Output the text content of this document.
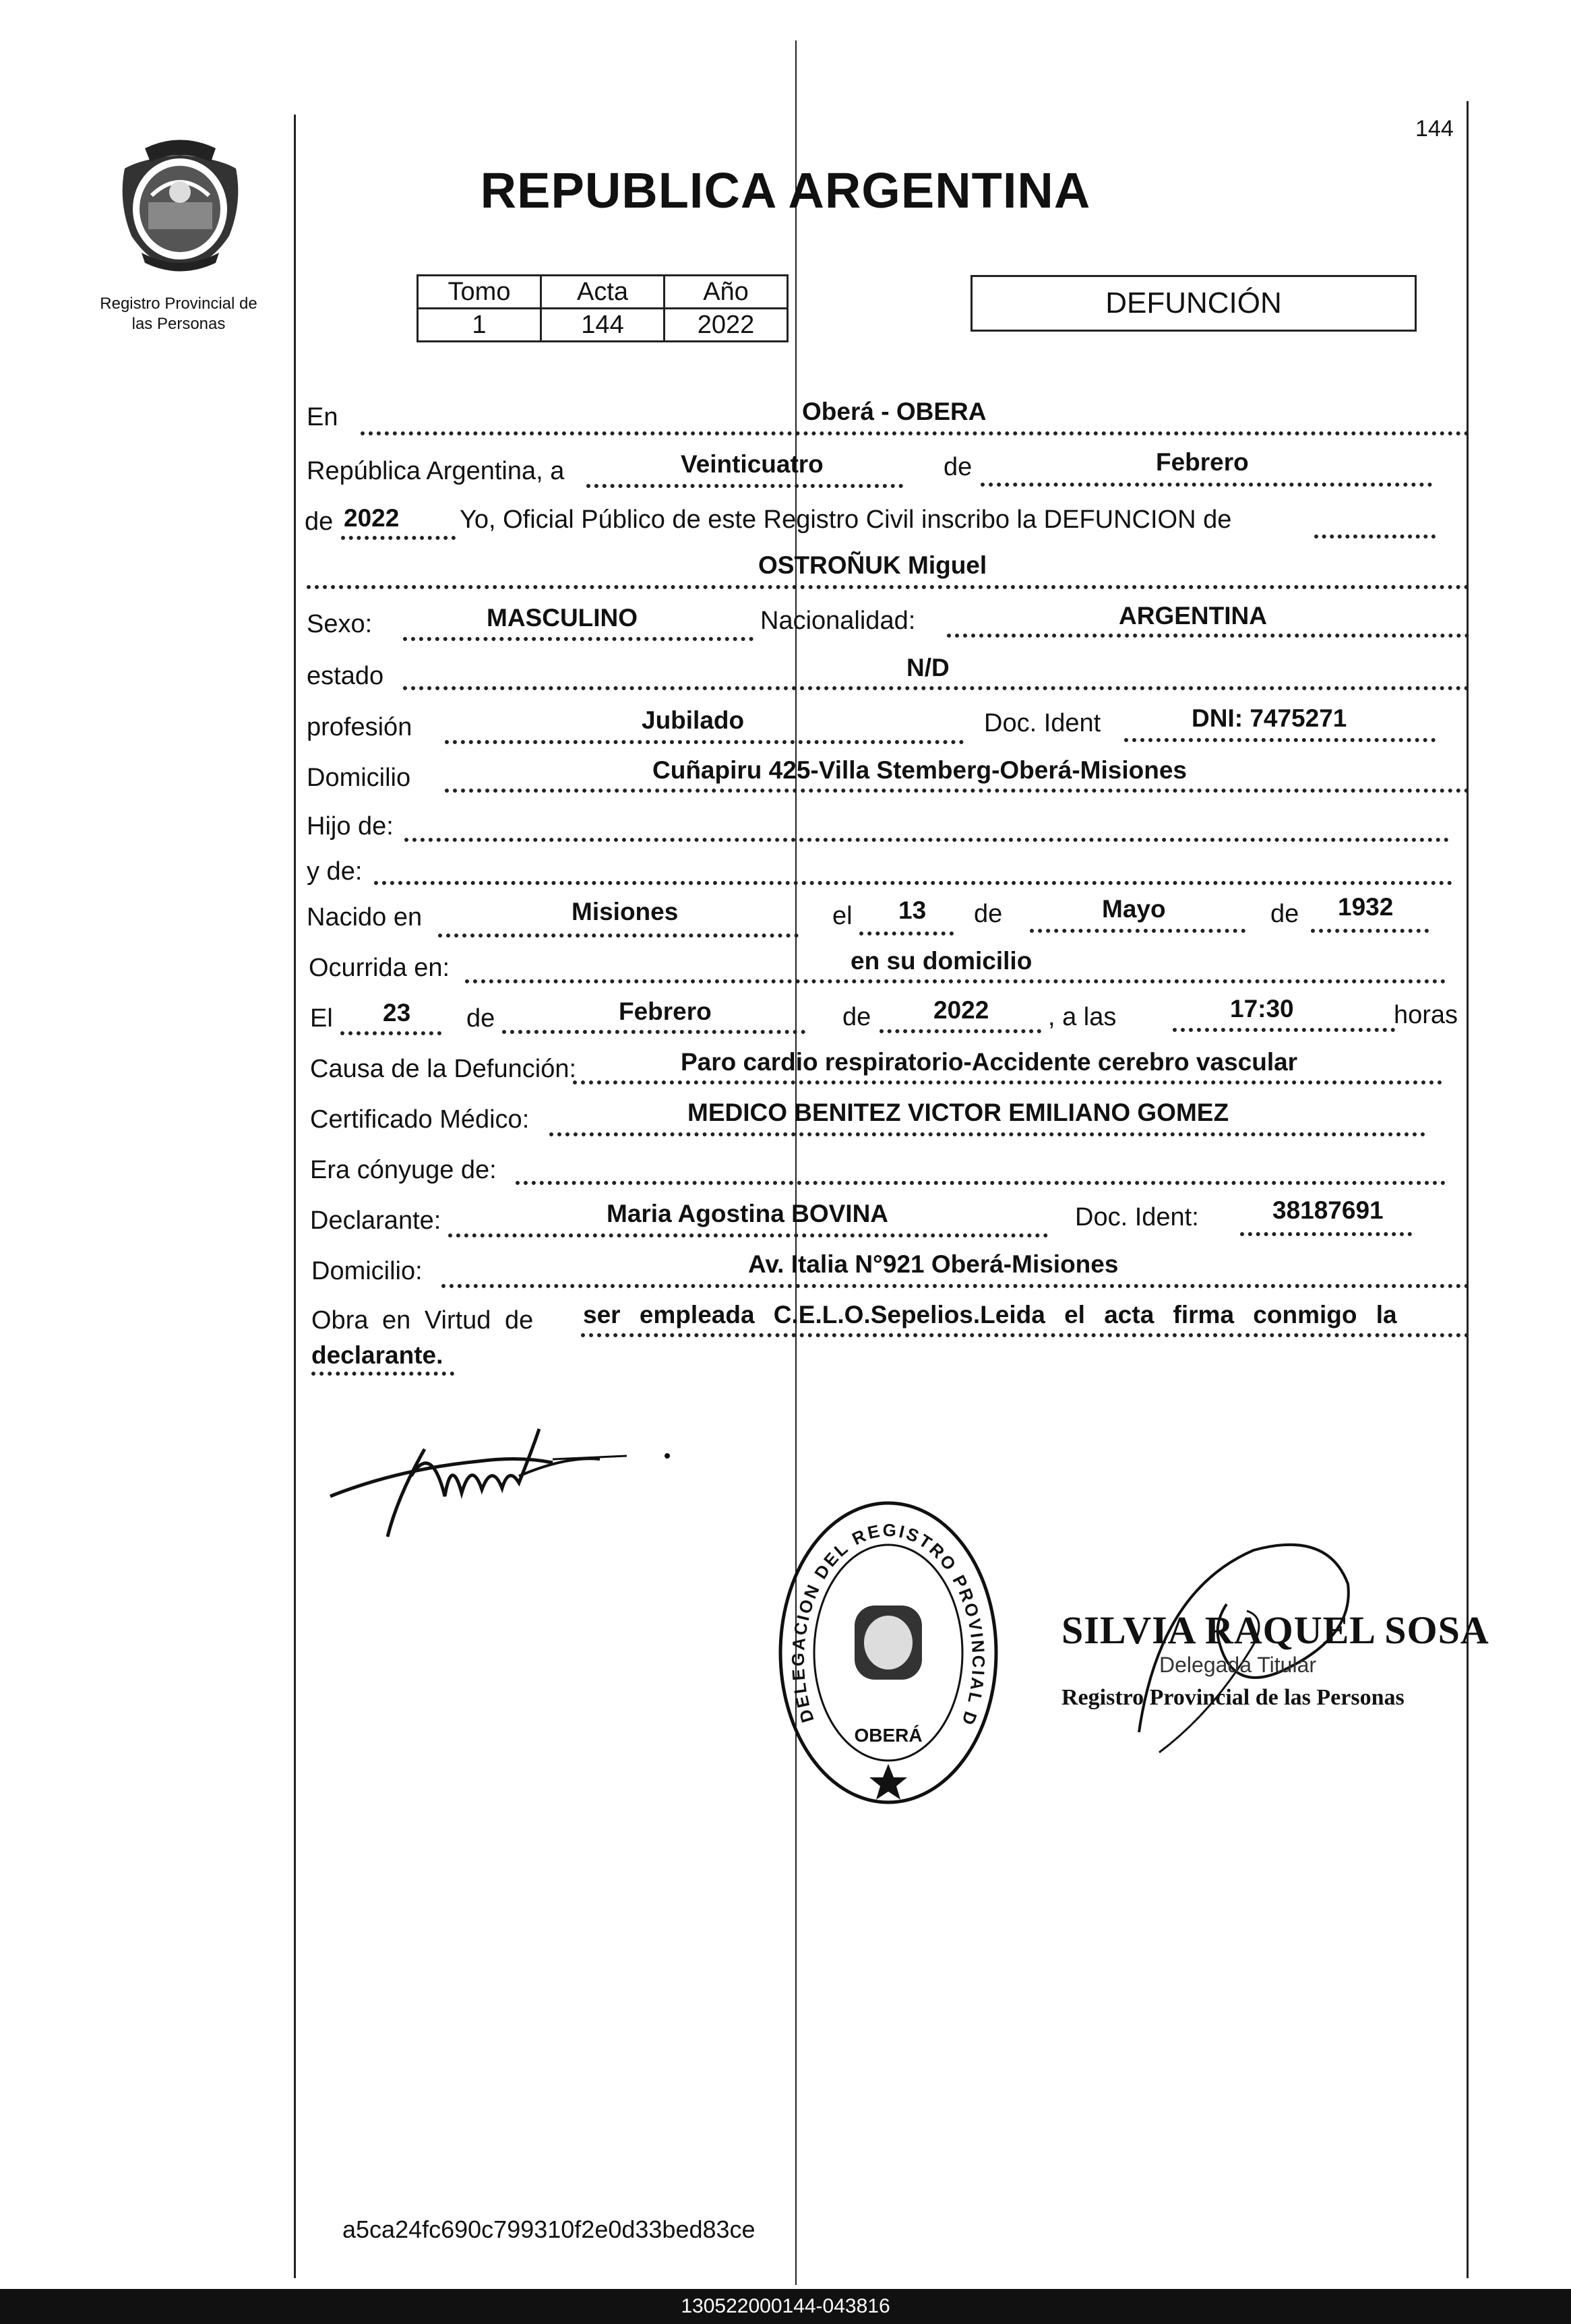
144
Registro Provincial de
las Personas
REPUBLICA ARGENTINA
Tomo	Acta	Año
1	144	2022
DEFUNCIÓN
En	Oberá - OBERA
República Argentina, a	Veinticuatro	de	Febrero
de 2022 Yo, Oficial Público de este Registro Civil inscribo la DEFUNCION de
OSTROÑUK Miguel
Sexo:	MASCULINO	Nacionalidad:	ARGENTINA
estado	N/D
profesión	Jubilado	Doc. Ident	DNI: 7475271
Domicilio	Cuñapiru 425-Villa Stemberg-Oberá-Misiones
Hijo de:
y de:
Nacido en	Misiones	el 13 de	Mayo	de 1932
Ocurrida en:	en su domicilio
El 23 de	Febrero	de	2022 , a las	17:30	horas
Causa de la Defunción:	Paro cardio respiratorio-Accidente cerebro vascular
Certificado Médico:	MEDICO BENITEZ VICTOR EMILIANO GOMEZ
Era cónyuge de:
Declarante:	Maria Agostina BOVINA	Doc. Ident:	38187691
Domicilio:	Av. Italia N°921 Oberá-Misiones
Obra en Virtud de ser empleada C.E.L.O.Sepelios.Leida el acta firma conmigo la
declarante.
DELEGACION DEL REGISTRO PROVINCIAL D
OBERÁ
SILVIA RAQUEL SOSA
Delegada Titular
Registro Provincial de las Personas
a5ca24fc690c799310f2e0d33bed83ce
130522000144-043816
